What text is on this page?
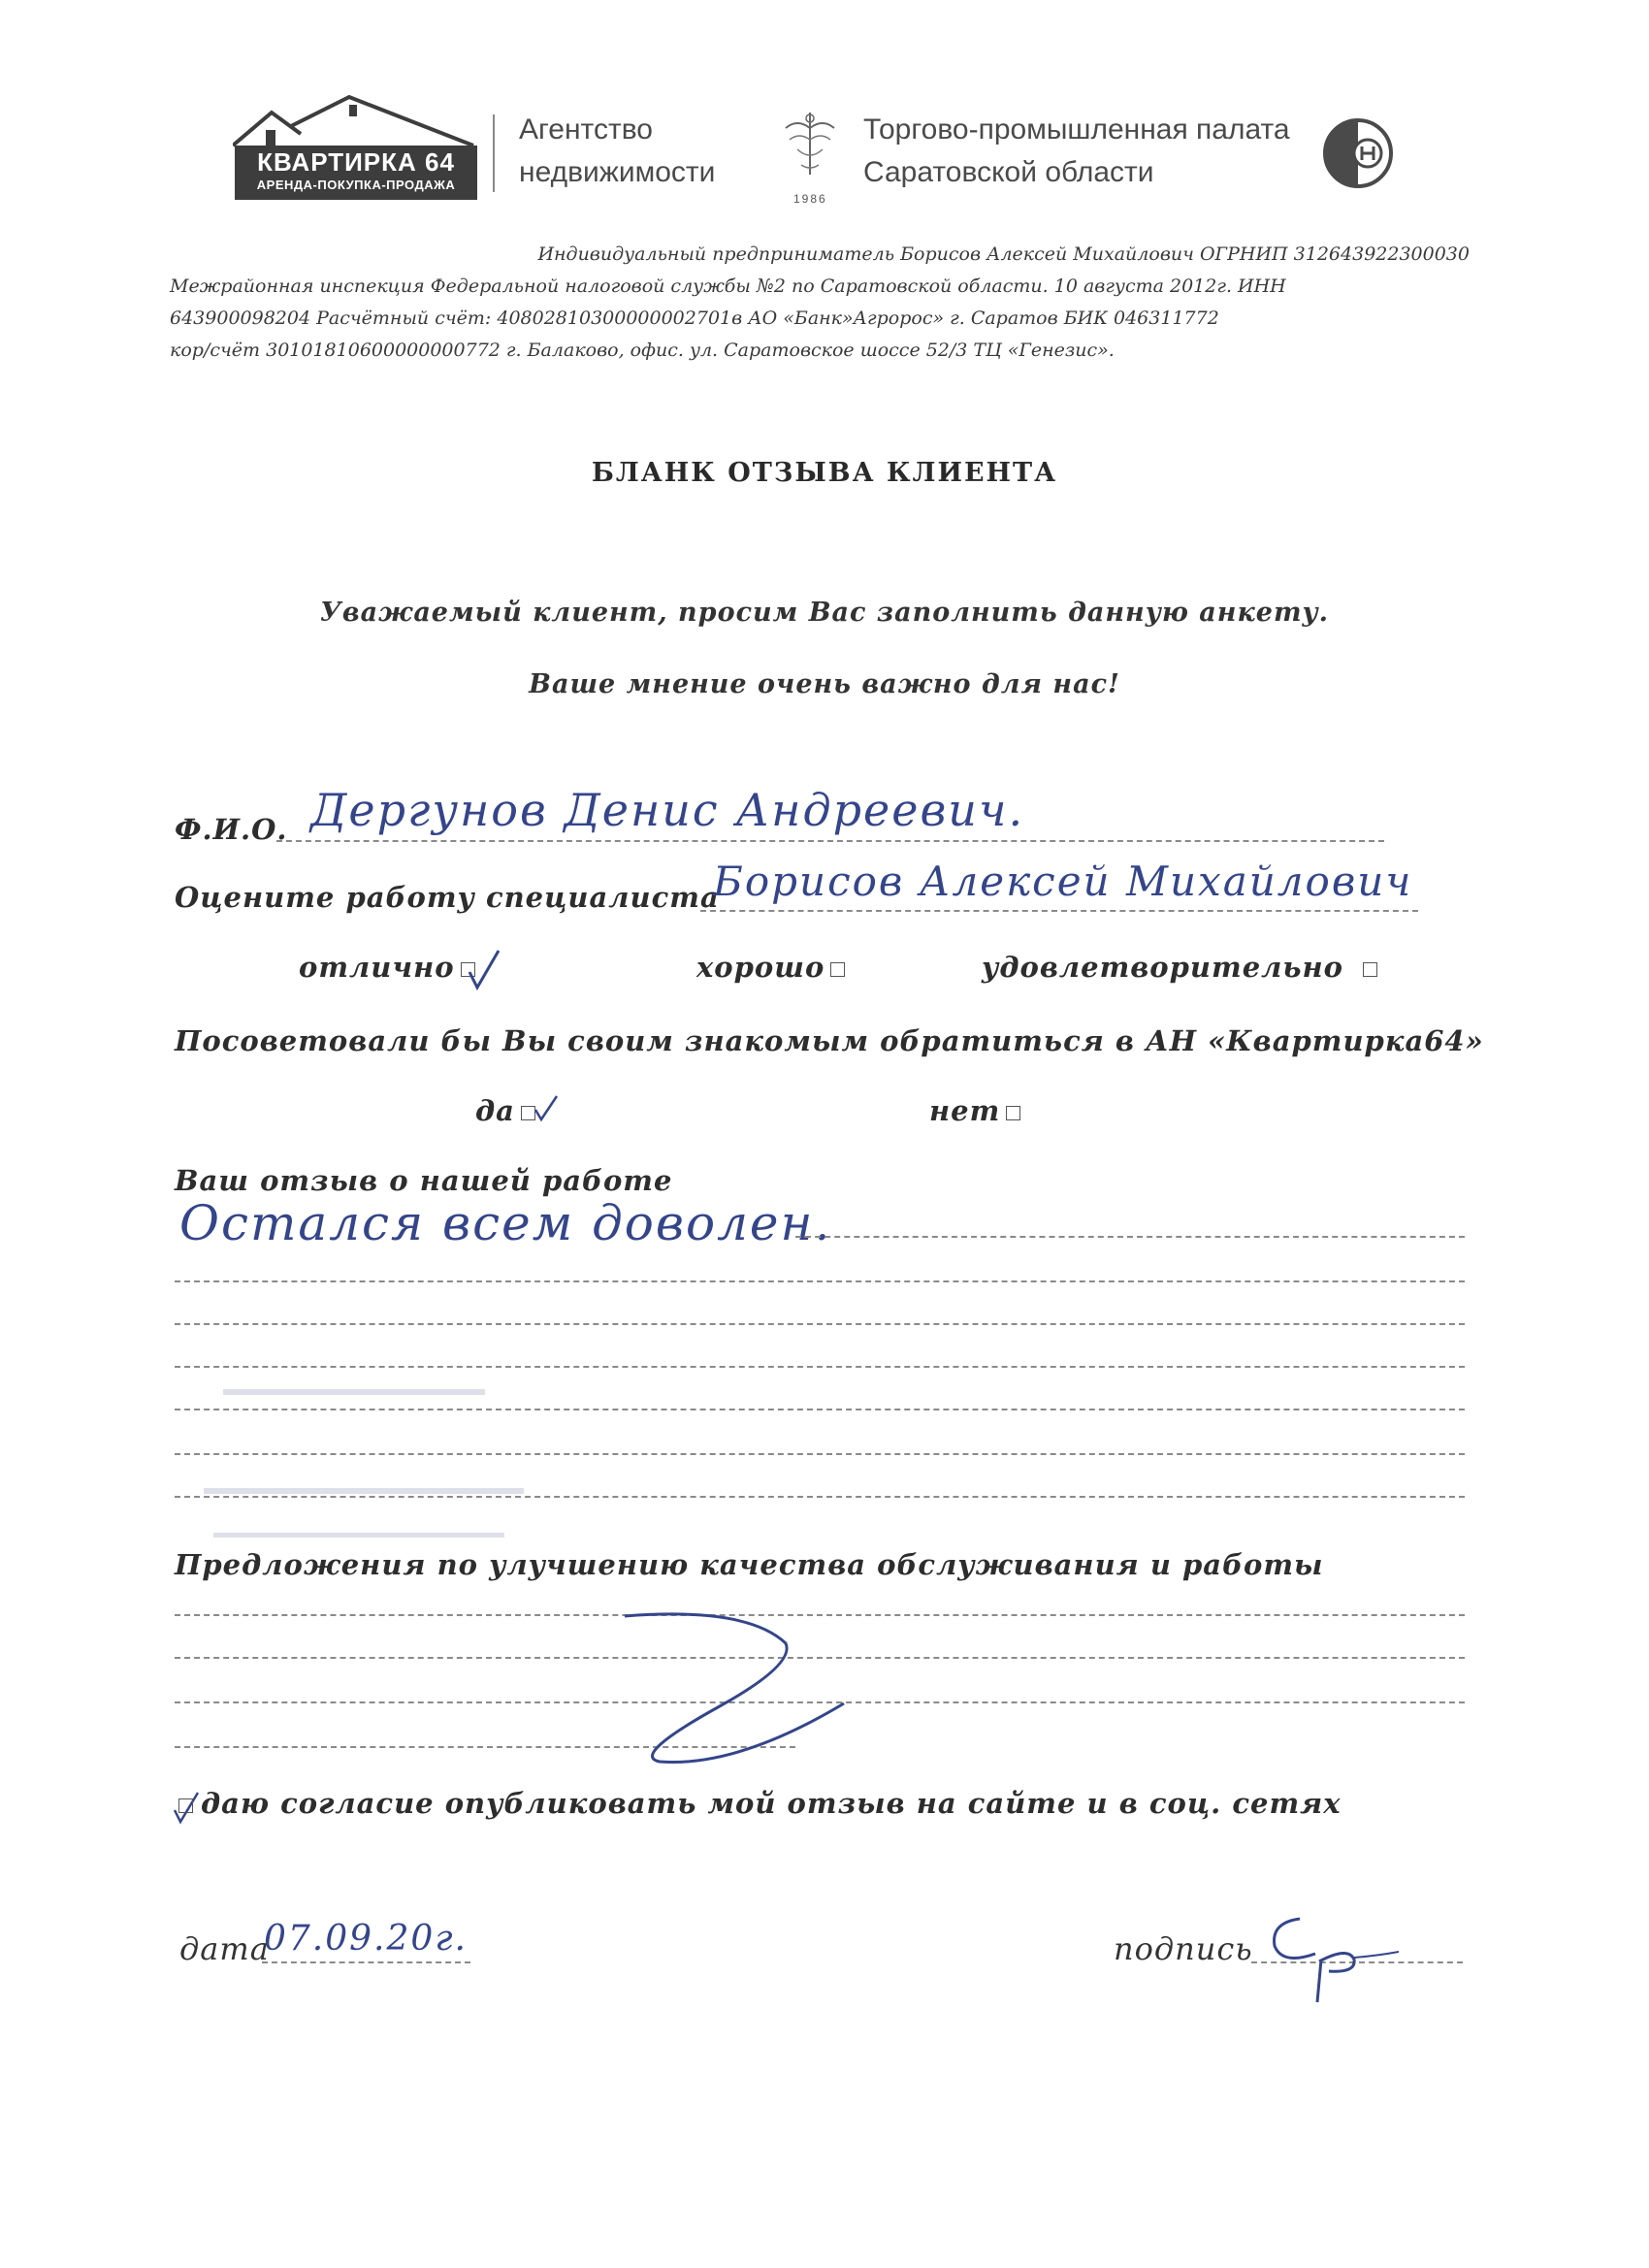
КВАРТИРКА 64
АРЕНДА-ПОКУПКА-ПРОДАЖА
Агентство
недвижимости
1986
Торгово-промышленная палата
Саратовской области
Индивидуальный предприниматель Борисов Алексей Михайлович ОГРНИП 312643922300030
Межрайонная инспекция Федеральной налоговой службы №2 по Саратовской области. 10 августа 2012г. ИНН
643900098204 Расчётный счёт: 40802810300000002701в АО «Банк»Агророс» г. Саратов БИК 046311772
кор/счёт 30101810600000000772 г. Балаково, офис. ул. Саратовское шоссе 52/3 ТЦ «Генезис».
БЛАНК ОТЗЫВА КЛИЕНТА
Уважаемый клиент, просим Вас заполнить данную анкету.
Ваше мнение очень важно для нас!
Ф.И.О. Дергунов Денис Андреевич.
Оцените работу специалиста
Борисов Алексей Михайлович
отлично	хорошо	удовлетворительно
Посоветовали бы Вы своим знакомым обратиться в АН «Квартирка64»
да	нет
Ваш отзыв о нашей работе
Остался всем доволен.
Предложения по улучшению качества обслуживания и работы
даю согласие опубликовать мой отзыв на сайте и в соц. сетях
дата
07.09.20г.	подпись
